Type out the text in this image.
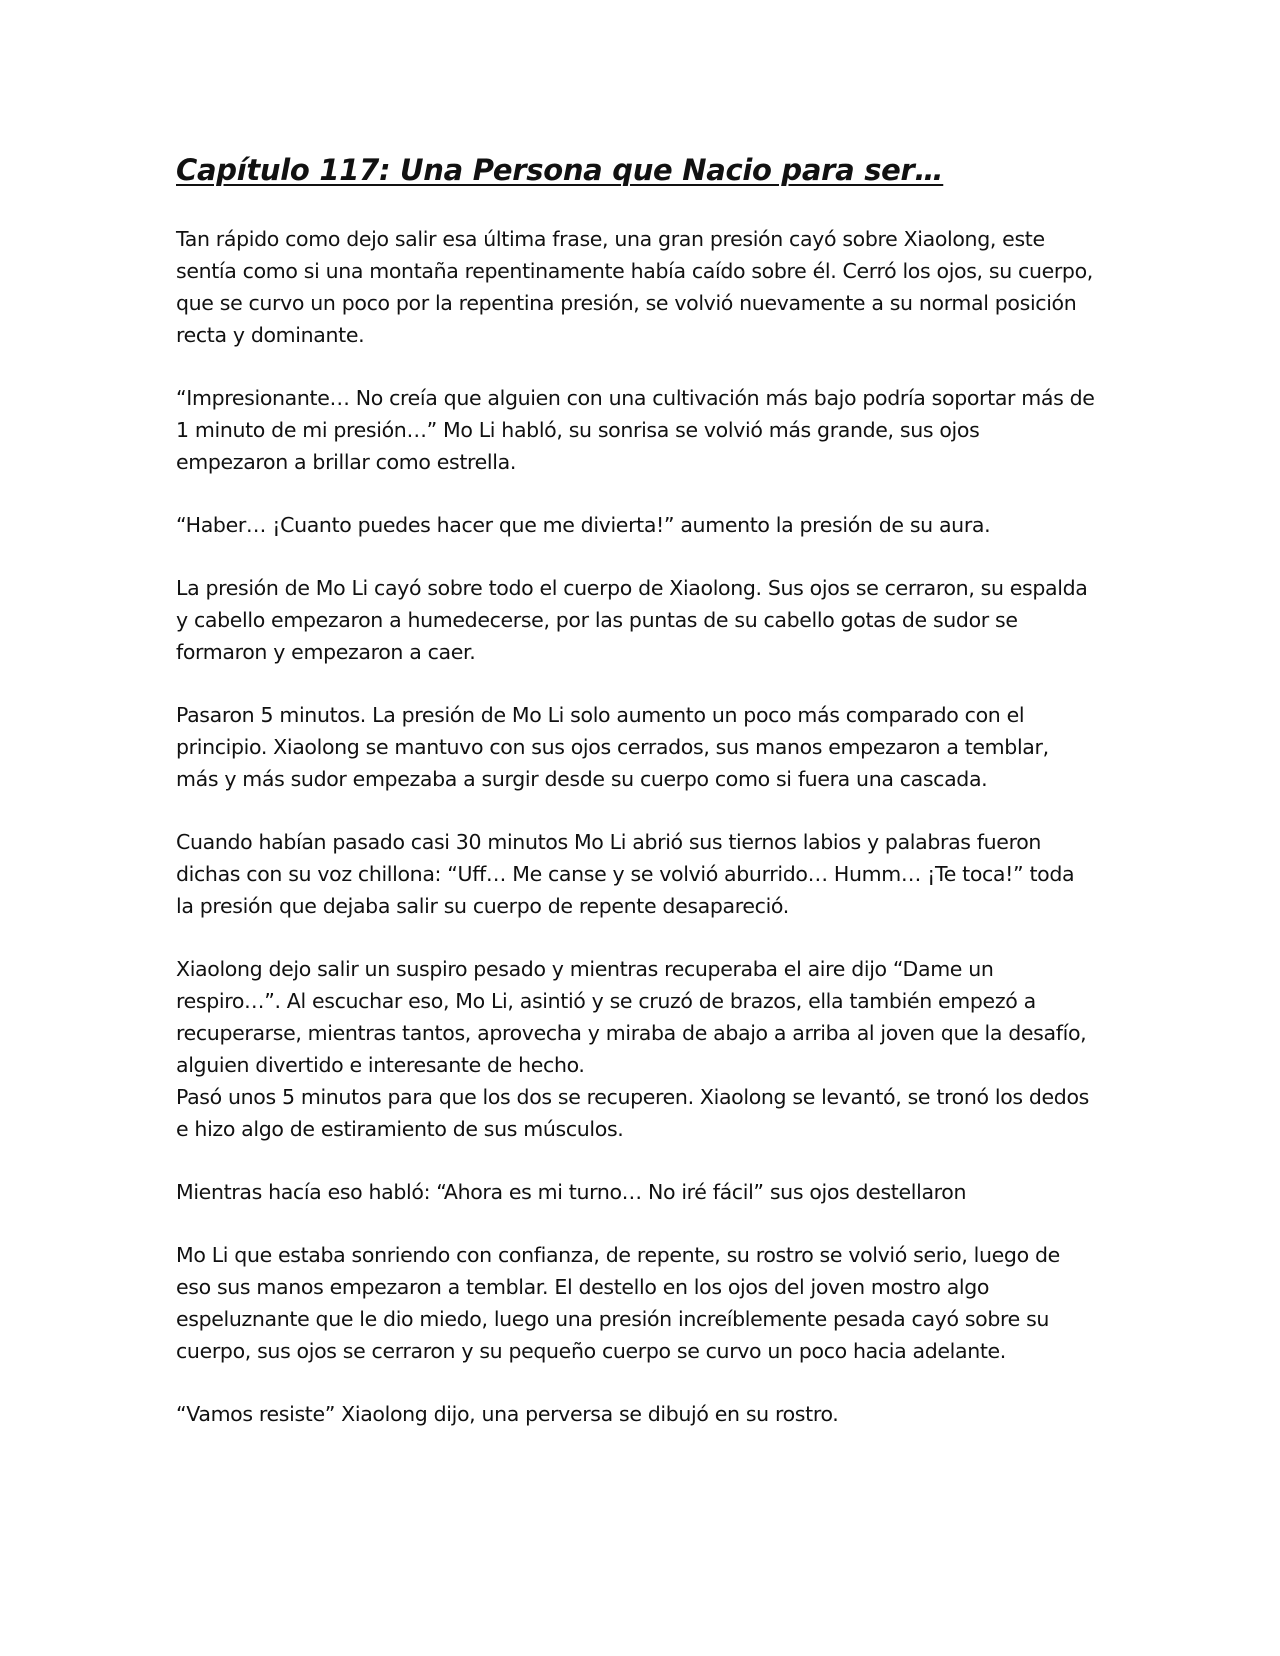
Capítulo 117: Una Persona que Nacio para ser…

Tan rápido como dejo salir esa última frase, una gran presión cayó sobre Xiaolong, este sentía como si una montaña repentinamente había caído sobre él. Cerró los ojos, su cuerpo, que se curvo un poco por la repentina presión, se volvió nuevamente a su normal posición recta y dominante.

“Impresionante… No creía que alguien con una cultivación más bajo podría soportar más de 1 minuto de mi presión…” Mo Li habló, su sonrisa se volvió más grande, sus ojos empezaron a brillar como estrella.

“Haber… ¡Cuanto puedes hacer que me divierta!” aumento la presión de su aura.

La presión de Mo Li cayó sobre todo el cuerpo de Xiaolong. Sus ojos se cerraron, su espalda y cabello empezaron a humedecerse, por las puntas de su cabello gotas de sudor se formaron y empezaron a caer.

Pasaron 5 minutos. La presión de Mo Li solo aumento un poco más comparado con el principio. Xiaolong se mantuvo con sus ojos cerrados, sus manos empezaron a temblar, más y más sudor empezaba a surgir desde su cuerpo como si fuera una cascada.

Cuando habían pasado casi 30 minutos Mo Li abrió sus tiernos labios y palabras fueron dichas con su voz chillona: “Uff… Me canse y se volvió aburrido… Humm… ¡Te toca!” toda la presión que dejaba salir su cuerpo de repente desapareció.

Xiaolong dejo salir un suspiro pesado y mientras recuperaba el aire dijo “Dame un respiro…”. Al escuchar eso, Mo Li, asintió y se cruzó de brazos, ella también empezó a recuperarse, mientras tantos, aprovecha y miraba de abajo a arriba al joven que la desafío, alguien divertido e interesante de hecho.

Pasó unos 5 minutos para que los dos se recuperen. Xiaolong se levantó, se tronó los dedos e hizo algo de estiramiento de sus músculos.

Mientras hacía eso habló: “Ahora es mi turno… No iré fácil” sus ojos destellaron

Mo Li que estaba sonriendo con confianza, de repente, su rostro se volvió serio, luego de eso sus manos empezaron a temblar. El destello en los ojos del joven mostro algo espeluznante que le dio miedo, luego una presión increíblemente pesada cayó sobre su cuerpo, sus ojos se cerraron y su pequeño cuerpo se curvo un poco hacia adelante.

“Vamos resiste” Xiaolong dijo, una perversa se dibujó en su rostro.
